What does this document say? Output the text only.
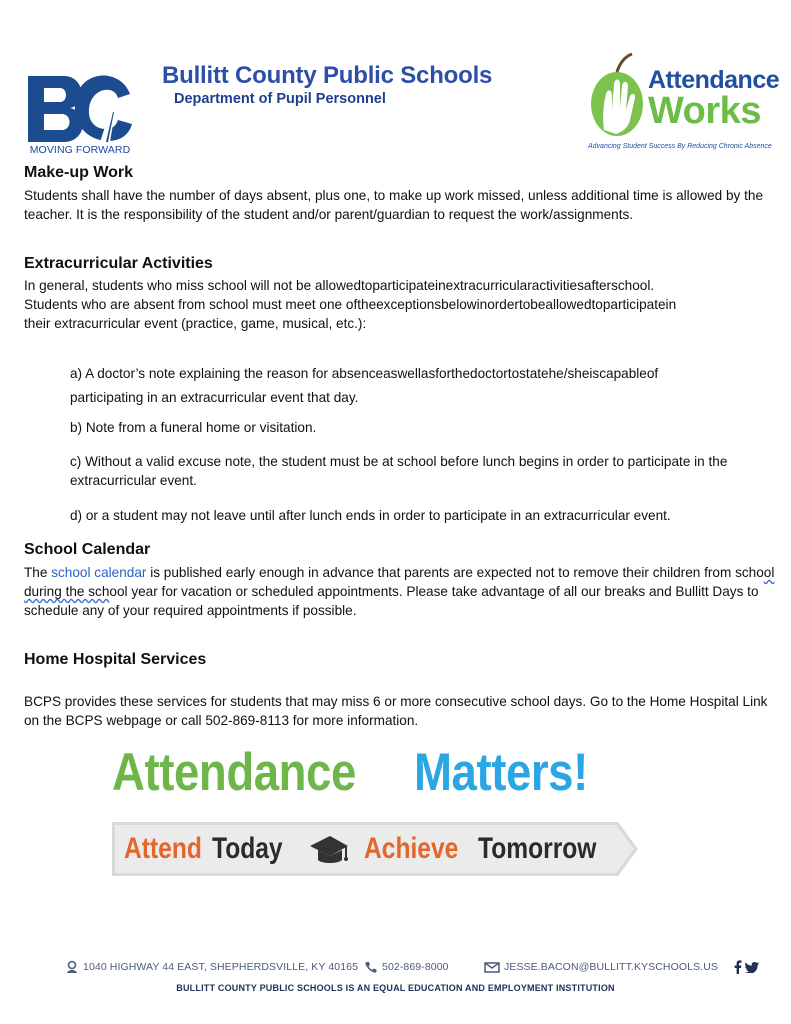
MOVING FORWARD
Bullitt County Public Schools
Department of Pupil Personnel
Attendance
Works
Advancing Student Success By Reducing Chronic Absence
Make-up Work
Students shall have the number of days absent, plus one, to make up work missed, unless additional time is allowed by the teacher. It is the responsibility of the student and/or parent/guardian to request the work/assignments.
Extracurricular Activities
In general, students who miss school will not be allowedtoparticipateinextracurricularactivitiesafterschool.
Students who are absent from school must meet one oftheexceptionsbelowinordertobeallowedtoparticipatein
their extracurricular event (practice, game, musical, etc.):
a) A doctor’s note explaining the reason for absenceaswellasforthedoctortostatehe/sheiscapableof
participating in an extracurricular event that day.
b) Note from a funeral home or visitation.
c) Without a valid excuse note, the student must be at school before lunch begins in order to participate in the extracurricular event.
d) or a student may not leave until after lunch ends in order to participate in an extracurricular event.
School Calendar
The school calendar is published early enough in advance that parents are expected not to remove their children from school during the school year for vacation or scheduled appointments. Please take advantage of all our breaks and Bullitt Days to schedule any of your required appointments if possible.
Home Hospital Services
BCPS provides these services for students that may miss 6 or more consecutive school days. Go to the Home Hospital Link on the BCPS webpage or call 502-869-8113 for more information.
Attendance Matters!
Attend Today	Achieve Tomorrow
1040 HIGHWAY 44 EAST, SHEPHERDSVILLE, KY 40165 502-869-8000	JESSE.BACON@BULLITT.KYSCHOOLS.US
BULLITT COUNTY PUBLIC SCHOOLS IS AN EQUAL EDUCATION AND EMPLOYMENT INSTITUTION
